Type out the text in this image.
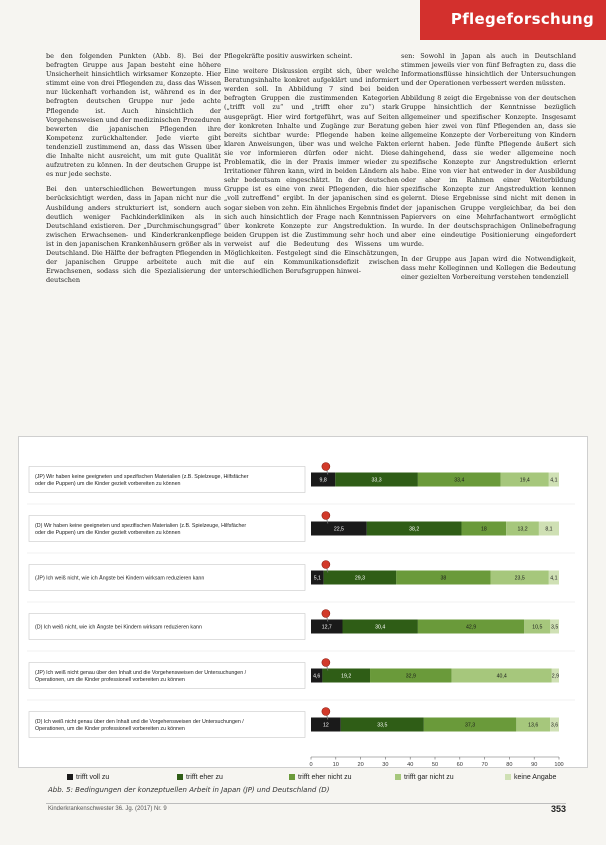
Pflegeforschung

be den folgenden Punkten (Abb. 8). Bei der befragten Gruppe aus Japan besteht eine höhere Unsicherheit hinsichtlich wirksamer Konzepte. Hier stimmt eine von drei Pflegenden zu, dass das Wissen nur lückenhaft vorhanden ist, während es in der befragten deutschen Gruppe nur jede achte Pflegende ist. Auch hinsichtlich der Vorgehensweisen und der medizinischen Prozeduren bewerten die japanischen Pflegenden ihre Kompetenz zurückhaltender. Jede vierte gibt tendenziell zustimmend an, dass das Wissen über die Inhalte nicht ausreicht, um mit gute Qualität aufzutreten zu können. In der deutschen Gruppe ist es nur jede sechste.

Bei den unterschiedlichen Bewertungen muss berücksichtigt werden, dass in Japan nicht nur die Ausbildung anders strukturiert ist, sondern auch deutlich weniger Fachkinderkliniken als in Deutschland existieren. Der „Durchmischungsgrad“ zwischen Erwachsenen- und Kinderkrankenpflege ist in den japanischen Krankenhäusern größer als in Deutschland. Die Hälfte der befragten Pflegenden in der japanischen Gruppe arbeitete auch mit Erwachsenen, sodass sich die Spezialisierung der deutschen

Pflegekräfte positiv auswirken scheint.

Eine weitere Diskussion ergibt sich, über welche Beratungsinhalte konkret aufgeklärt und informiert werden soll. In Abbildung 7 sind bei beiden befragten Gruppen die zustimmenden Kategorien („trifft voll zu“ und „trifft eher zu“) stark ausgeprägt. Hier wird fortgeführt, was auf Seiten der konkreten Inhalte und Zugänge zur Beratung bereits sichtbar wurde: Pflegende haben keine klaren Anweisungen, über was und welche Fakten sie vor informieren dürfen oder nicht. Diese Problematik, die in der Praxis immer wieder zu Irritationer führen kann, wird in beiden Ländern als sehr bedeutsam eingeschätzt. In der deutschen Gruppe ist es eine von zwei Pflegenden, die hier „voll zutreffend“ ergibt. In der japanischen sind es sogar sieben von zehn. Ein ähnliches Ergebnis findet sich auch hinsichtlich der Frage nach Kenntnissen über konkrete Konzepte zur Angstreduktion. In beiden Gruppen ist die Zustimmung sehr hoch und verweist auf die Bedeutung des Wissens um Möglichkeiten. Festgelegt sind die Einschätzungen, die auf ein Kommunikationsdefizit zwischen unterschiedlichen Berufsgruppen hinwei-

sen: Sowohl in Japan als auch in Deutschland stimmen jeweils vier von fünf Befragten zu, dass die Informationsflüsse hinsichtlich der Untersuchungen und der Operationen verbessert werden müssten.

Abbildung 8 zeigt die Ergebnisse von der deutschen Gruppe hinsichtlich der Kenntnisse bezüglich allgemeiner und spezifischer Konzepte. Insgesamt geben hier zwei von fünf Pflegenden an, dass sie allgemeine Konzepte der Vorbereitung von Kindern erlernt haben. Jede fünfte Pflegende äußert sich dahingehend, dass sie weder allgemeine noch spezifische Konzepte zur Angstreduktion erlernt habe. Eine von vier hat entweder in der Ausbildung oder aber im Rahmen einer Weiterbildung spezifische Konzepte zur Angstreduktion kennen gelernt. Diese Ergebnisse sind nicht mit denen in der japanischen Gruppe vergleichbar, da bei den Papiervers on eine Mehrfachantwort ermöglicht wurde. In der deutschsprachigen Onlinebefragung aber eine eindeutige Positionierung eingefordert wurde.

In der Gruppe aus Japan wird die Notwendigkeit, dass mehr Kolleginnen und Kollegen die Bedeutung einer gezielten Vorbereitung verstehen tendenziell

(JP) Wir haben keine geeigneten und spezifischen Materialien (z.B. Spielzeuge, Hilfsfächer
oder die Puppen) um die Kinder gezielt vorbereiten zu können
9,8	33,3	33,4	19,4	4,1
(D) Wir haben keine geeigneten und spezifischen Materialien (z.B. Spielzeuge, Hilfsfächer
oder die Puppen) um die Kinder gezielt vorbereiten zu können
22,5	38,2	18	13,2	8,1
(JP) Ich weiß nicht, wie ich Ängste bei Kindern wirksam reduzieren kann	5,1	29,3	38	23,5	4,1
(D) Ich weiß nicht, wie ich Ängste bei Kindern wirksam reduzieren kann	12,7	30,4	42,9	10,5 3,5
(JP) Ich weiß nicht genau über den Inhalt und die Vorgehensweisen der Untersuchungen /
Operationen, um die Kinder professionell vorbereiten zu können
4,6	19,2	32,9	40,4	2,9
(D) Ich weiß nicht genau über den Inhalt und die Vorgehensweisen der Untersuchungen /
Operationen, um die Kinder professionell vorbereiten zu können
12	33,5	37,3	13,6 3,6
0	10	20	30	40	50	60	70	80	90	100
trifft voll zu	trifft eher zu	trifft eher nicht zu	trifft gar nicht zu	keine Angabe
Abb. 5: Bedingungen der konzeptuellen Arbeit in Japan (JP) und Deutschland (D)
Kinderkrankenschwester 36. Jg. (2017) Nr. 9	353
